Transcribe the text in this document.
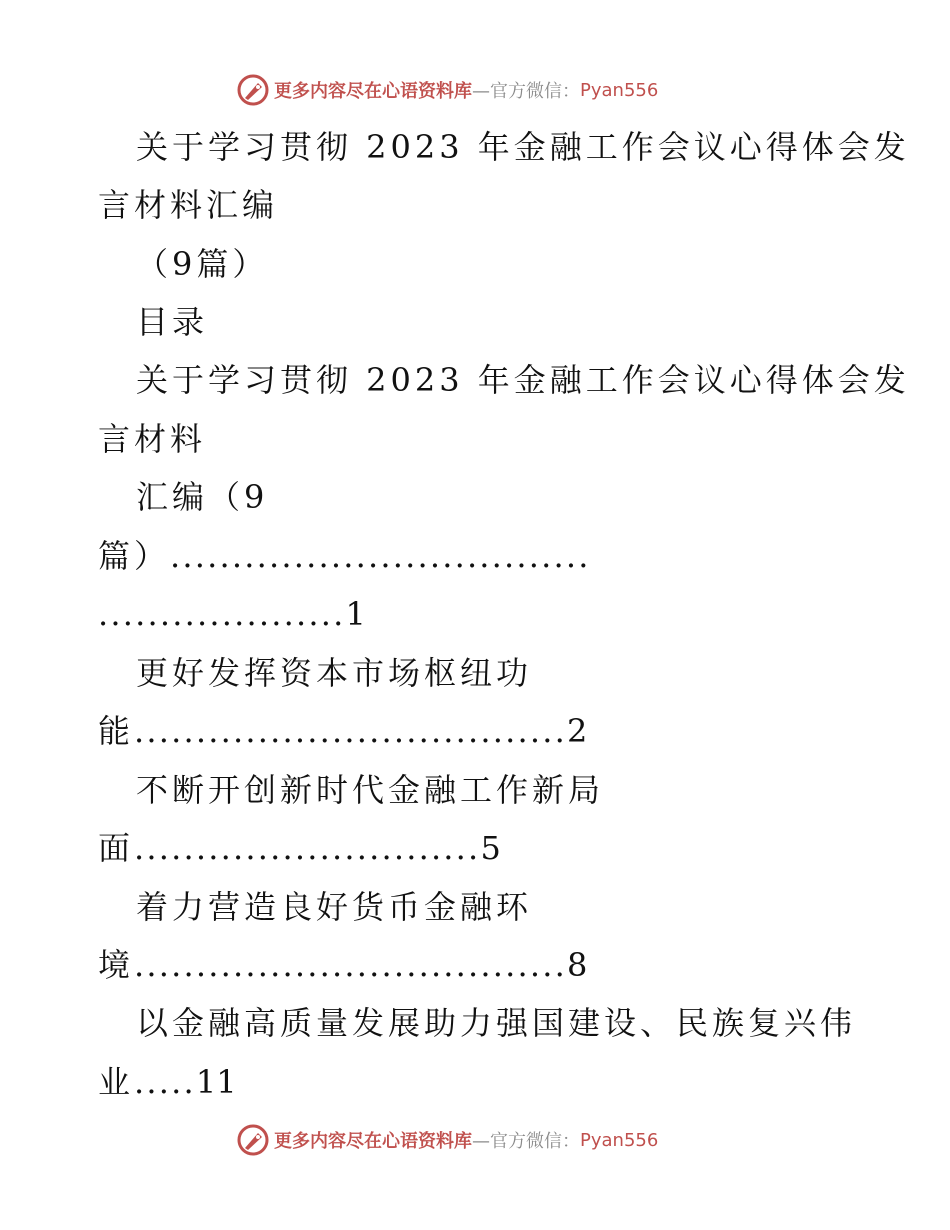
更多内容尽在心语资料库 —官方微信： Pyan556
关于学习贯彻 2023 年金融工作会议心得体会发
言材料汇编
（9篇）
目录
关于学习贯彻 2023 年金融工作会议心得体会发
言材料
汇编（9
篇）..................................
....................1
更好发挥资本市场枢纽功
能...................................2
不断开创新时代金融工作新局
面............................5
着力营造良好货币金融环
境...................................8
以金融高质量发展助力强国建设、民族复兴伟
业.....11
更多内容尽在心语资料库 —官方微信： Pyan556
